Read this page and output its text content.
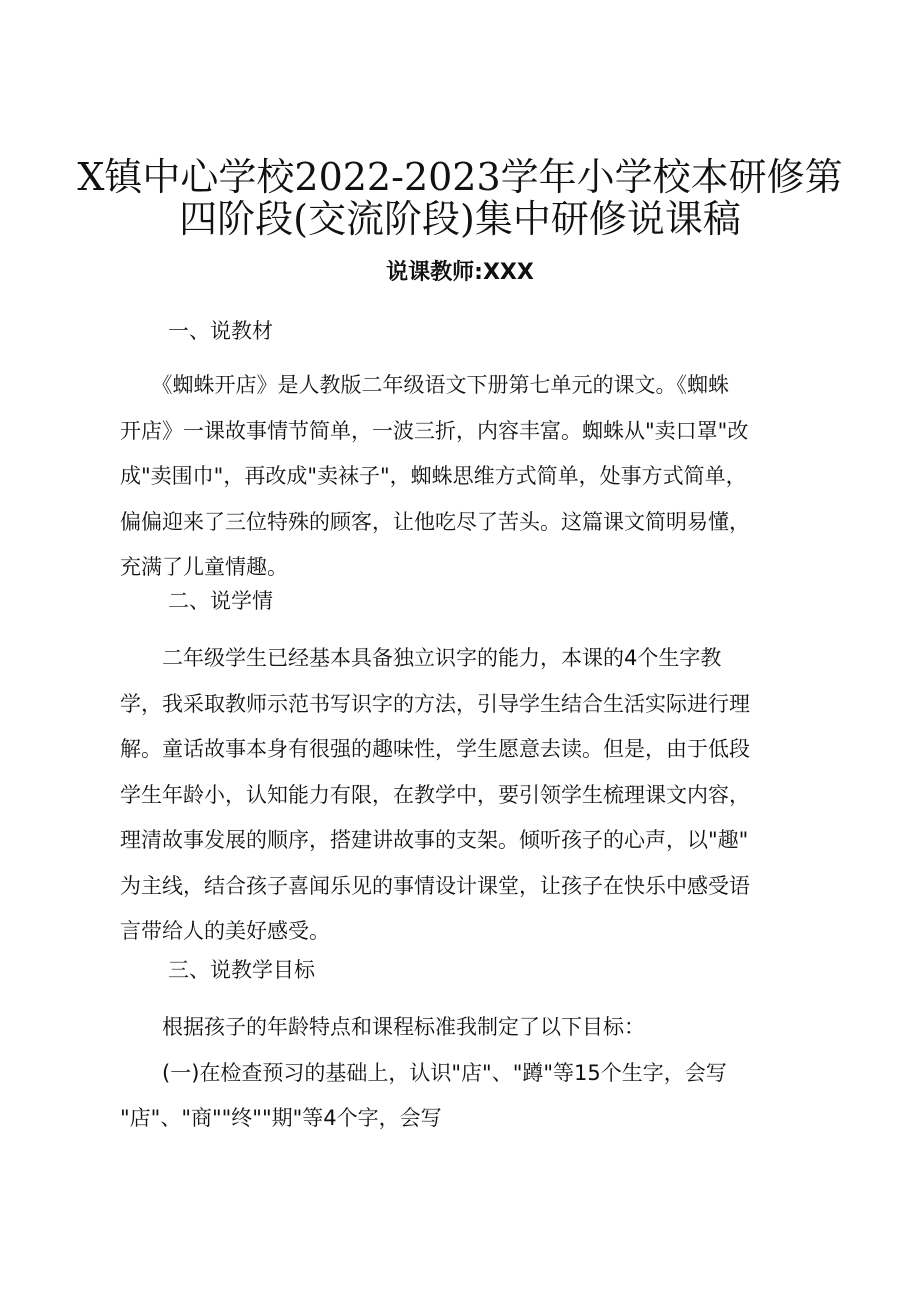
X镇中心学校2022-2023学年小学校本研修第
四阶段(交流阶段)集中研修说课稿
说课教师:XXX
一、说教材
　　《蜘蛛开店》是人教版二年级语文下册第七单元的课文。《蜘蛛
开店》一课故事情节简单，一波三折，内容丰富。蜘蛛从"卖口罩"改
成"卖围巾"，再改成"卖袜子"，蜘蛛思维方式简单，处事方式简单，
偏偏迎来了三位特殊的顾客，让他吃尽了苦头。这篇课文简明易懂，
充满了儿童情趣。
二、说学情
　　二年级学生已经基本具备独立识字的能力，本课的4个生字教
学，我采取教师示范书写识字的方法，引导学生结合生活实际进行理
解。童话故事本身有很强的趣味性，学生愿意去读。但是，由于低段
学生年龄小，认知能力有限，在教学中，要引领学生梳理课文内容，
理清故事发展的顺序，搭建讲故事的支架。倾听孩子的心声，以"趣"
为主线，结合孩子喜闻乐见的事情设计课堂，让孩子在快乐中感受语
言带给人的美好感受。
三、说教学目标
　　根据孩子的年龄特点和课程标准我制定了以下目标：
　　(一)在检查预习的基础上，认识"店"、"蹲"等15个生字，会写
"店"、"商""终""期"等4个字，会写
